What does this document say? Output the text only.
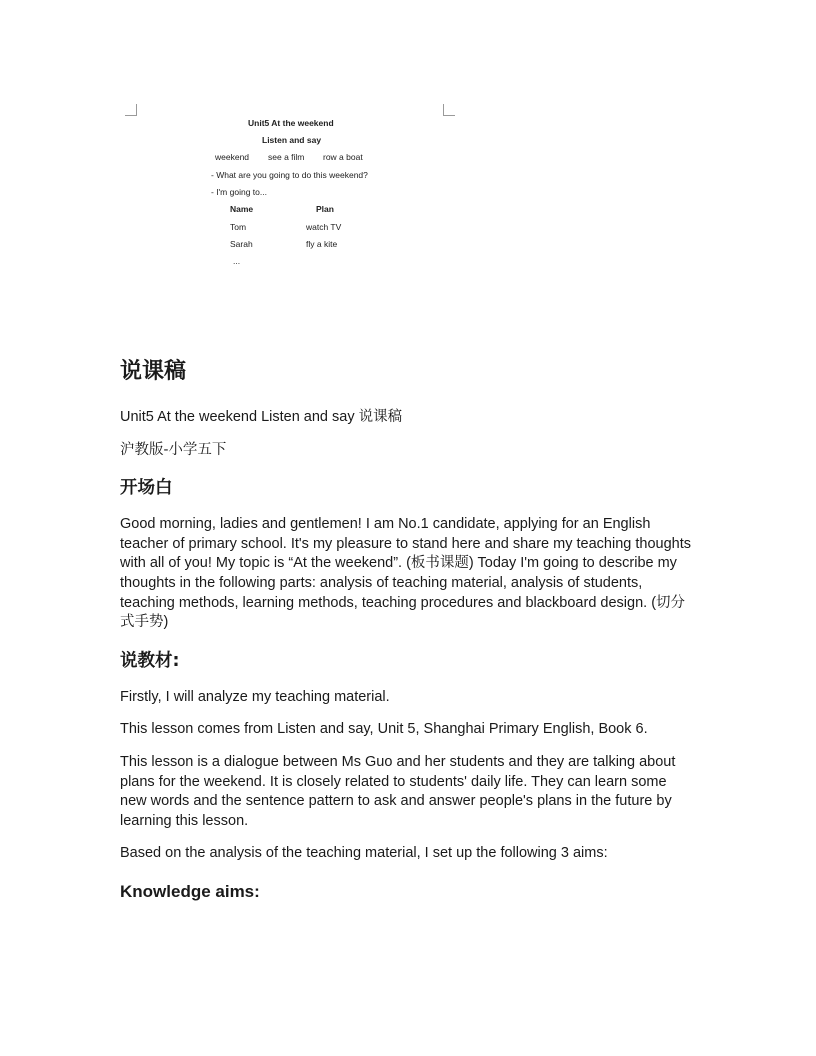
Unit5 At the weekend
Listen and say
weekend see a film row a boat
- What are you going to do this weekend?
- I'm going to...
Name	Plan
Tom	watch TV
Sarah	fly a kite
...
说课稿

Unit5 At the weekend Listen and say 说课稿

沪教版-小学五下

开场白

Good morning, ladies and gentlemen! I am No.1 candidate, applying for an English teacher of primary school. It's my pleasure to stand here and share my teaching thoughts with all of you! My topic is “At the weekend”. (板书课题) Today I'm going to describe my thoughts in the following parts: analysis of teaching material, analysis of students, teaching methods, learning methods, teaching procedures and blackboard design. (切分式手势)

说教材:

Firstly, I will analyze my teaching material.

This lesson comes from Listen and say, Unit 5, Shanghai Primary English, Book 6.

This lesson is a dialogue between Ms Guo and her students and they are talking about plans for the weekend. It is closely related to students' daily life. They can learn some new words and the sentence pattern to ask and answer people's plans in the future by learning this lesson.

Based on the analysis of the teaching material, I set up the following 3 aims:

Knowledge aims:
